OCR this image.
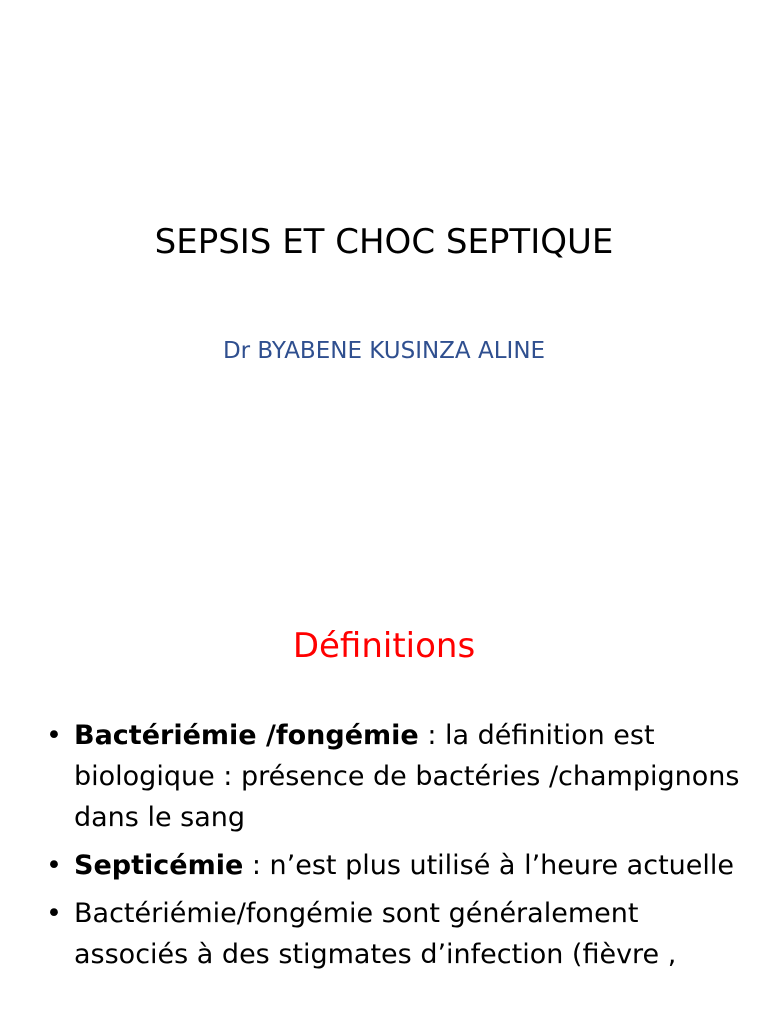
SEPSIS ET CHOC SEPTIQUE
Dr BYABENE KUSINZA ALINE
Définitions
• Bactériémie /fongémie : la définition est biologique : présence de bactéries /champignons dans le sang
• Septicémie : n’est plus utilisé à l’heure actuelle
• Bactériémie/fongémie sont généralement associés à des stigmates d’infection (fièvre ,
